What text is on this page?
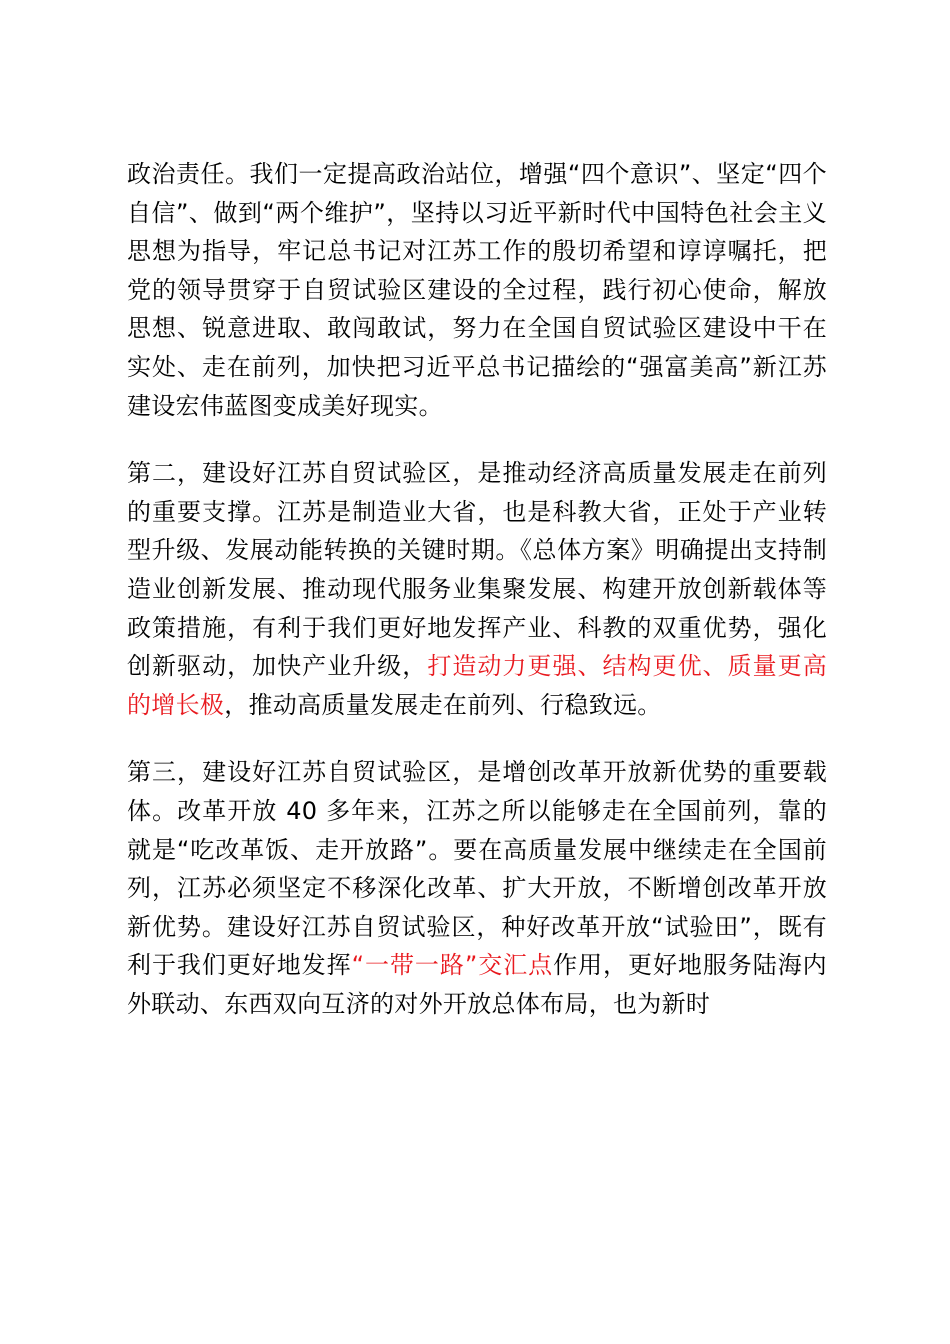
政治责任。我们一定提高政治站位，增强“四个意识”、坚定“四个自信”、做到“两个维护”，坚持以习近平新时代中国特色社会主义思想为指导，牢记总书记对江苏工作的殷切希望和谆谆嘱托，把党的领导贯穿于自贸试验区建设的全过程，践行初心使命，解放思想、锐意进取、敢闯敢试，努力在全国自贸试验区建设中干在实处、走在前列，加快把习近平总书记描绘的“强富美高”新江苏建设宏伟蓝图变成美好现实。

第二，建设好江苏自贸试验区，是推动经济高质量发展走在前列的重要支撑。江苏是制造业大省，也是科教大省，正处于产业转型升级、发展动能转换的关键时期。《总体方案》明确提出支持制造业创新发展、推动现代服务业集聚发展、构建开放创新载体等政策措施，有利于我们更好地发挥产业、科教的双重优势，强化创新驱动，加快产业升级，打造动力更强、结构更优、质量更高的增长极，推动高质量发展走在前列、行稳致远。

第三，建设好江苏自贸试验区，是增创改革开放新优势的重要载体。改革开放 40 多年来，江苏之所以能够走在全国前列，靠的就是“吃改革饭、走开放路”。要在高质量发展中继续走在全国前列，江苏必须坚定不移深化改革、扩大开放，不断增创改革开放新优势。建设好江苏自贸试验区，种好改革开放“试验田”，既有利于我们更好地发挥“一带一路”交汇点作用，更好地服务陆海内外联动、东西双向互济的对外开放总体布局，也为新时
